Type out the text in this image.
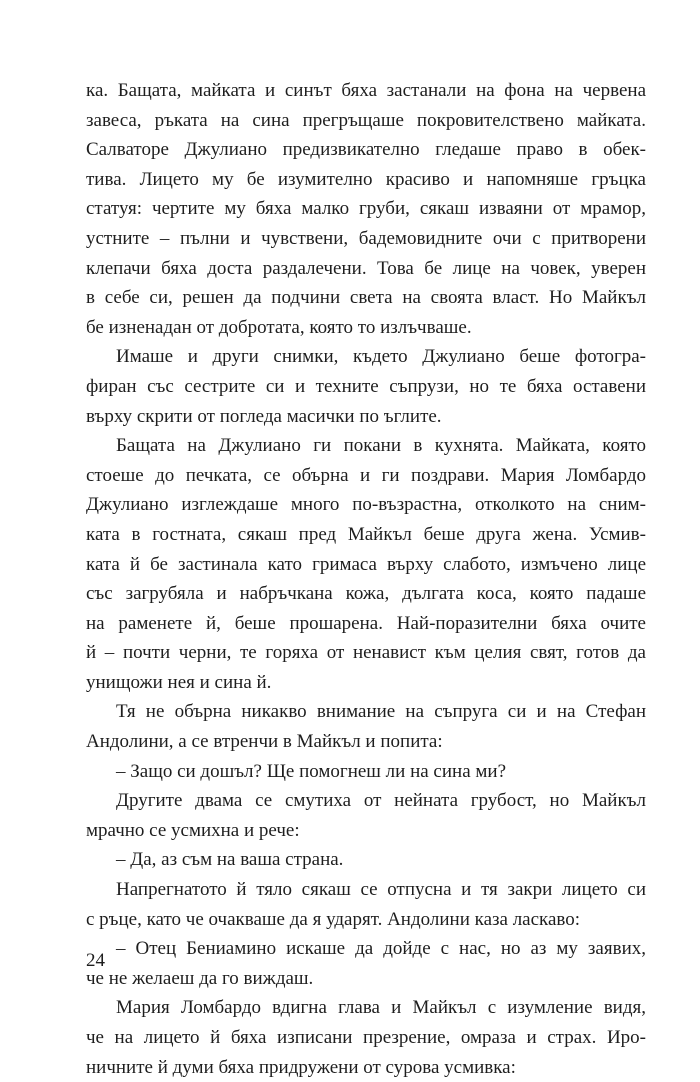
ка. Бащата, майката и синът бяха застанали на фона на червена
завеса, ръката на сина прегръщаше покровителствено майката.
Салваторе Джулиано предизвикателно гледаше право в обек-
тива. Лицето му бе изумително красиво и напомняше гръцка
статуя: чертите му бяха малко груби, сякаш изваяни от мрамор,
устните – пълни и чувствени, бадемовидните очи с притворени
клепачи бяха доста раздалечени. Това бе лице на човек, уверен
в себе си, решен да подчини света на своята власт. Но Майкъл
бе изненадан от добротата, която то излъчваше.
Имаше и други снимки, където Джулиано беше фотогра-
фиран със сестрите си и техните съпрузи, но те бяха оставени
върху скрити от погледа масички по ъглите.
Бащата на Джулиано ги покани в кухнята. Майката, която
стоеше до печката, се обърна и ги поздрави. Мария Ломбардо
Джулиано изглеждаше много по-възрастна, отколкото на сним-
ката в гостната, сякаш пред Майкъл беше друга жена. Усмив-
ката й бе застинала като гримаса върху слабото, измъчено лице
със загрубяла и набръчкана кожа, дългата коса, която падаше
на раменете й, беше прошарена. Най-поразителни бяха очите
й – почти черни, те горяха от ненавист към целия свят, готов да
унищожи нея и сина й.
Тя не обърна никакво внимание на съпруга си и на Стефан
Андолини, а се втренчи в Майкъл и попита:
– Защо си дошъл? Ще помогнеш ли на сина ми?
Другите двама се смутиха от нейната грубост, но Майкъл
мрачно се усмихна и рече:
– Да, аз съм на ваша страна.
Напрегнатото й тяло сякаш се отпусна и тя закри лицето си
с ръце, като че очакваше да я ударят. Андолини каза ласкаво:
– Отец Бениамино искаше да дойде с нас, но аз му заявих,
че не желаеш да го виждаш.
Мария Ломбардо вдигна глава и Майкъл с изумление видя,
че на лицето й бяха изписани презрение, омраза и страх. Иро-
ничните й думи бяха придружени от сурова усмивка:
24
